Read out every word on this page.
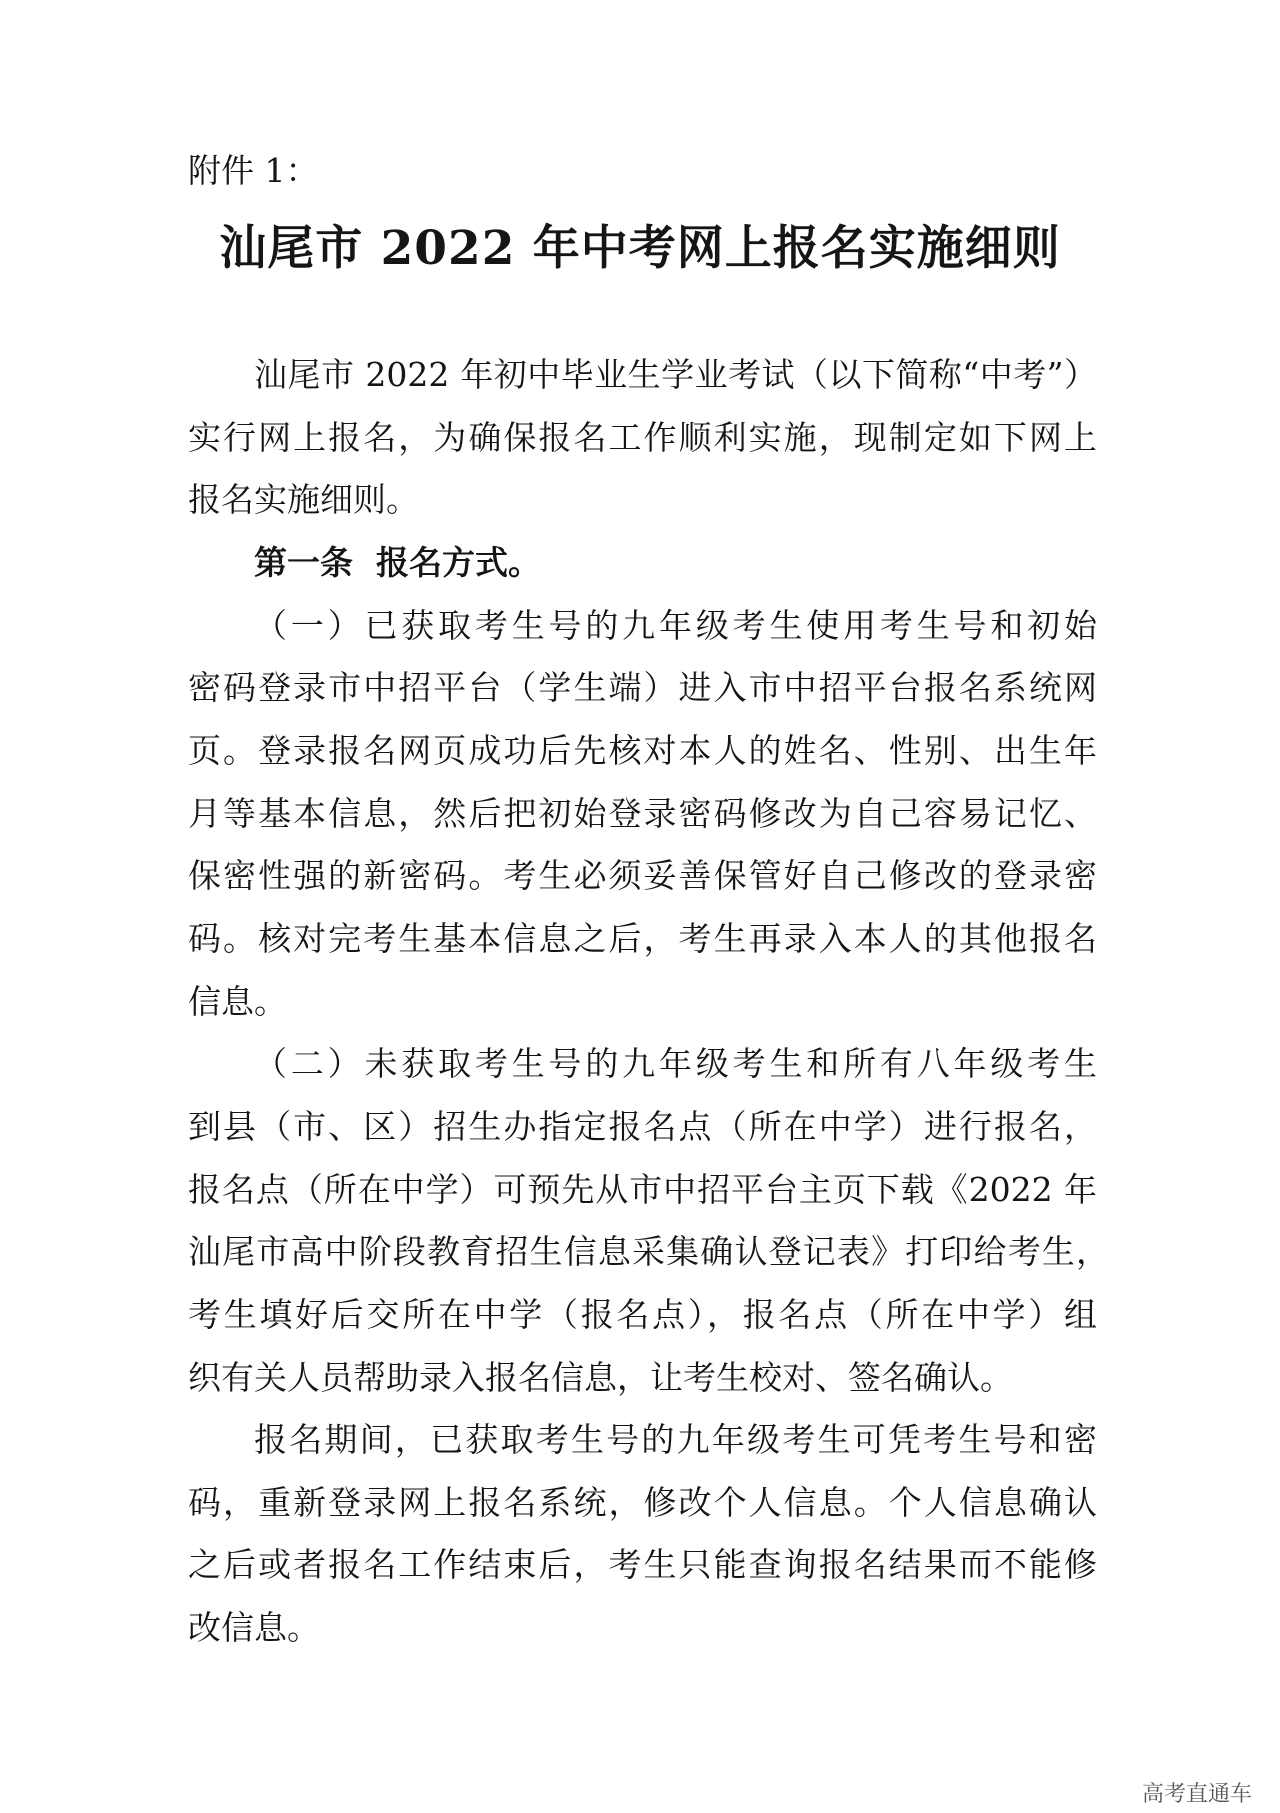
附件 1：
汕尾市 2022 年中考网上报名实施细则
汕尾市 2022 年初中毕业生学业考试（以下简称“中考”）
实行网上报名，为确保报名工作顺利实施，现制定如下网上
报名实施细则。
第一条  报名方式。
（一）已获取考生号的九年级考生使用考生号和初始
密码登录市中招平台（学生端）进入市中招平台报名系统网
页。登录报名网页成功后先核对本人的姓名、性别、出生年
月等基本信息，然后把初始登录密码修改为自己容易记忆、
保密性强的新密码。考生必须妥善保管好自己修改的登录密
码。核对完考生基本信息之后，考生再录入本人的其他报名
信息。
（二）未获取考生号的九年级考生和所有八年级考生
到县（市、区）招生办指定报名点（所在中学）进行报名，
报名点（所在中学）可预先从市中招平台主页下载《2022 年
汕尾市高中阶段教育招生信息采集确认登记表》打印给考生，
考生填好后交所在中学（报名点），报名点（所在中学）组
织有关人员帮助录入报名信息，让考生校对、签名确认。
报名期间，已获取考生号的九年级考生可凭考生号和密
码，重新登录网上报名系统，修改个人信息。个人信息确认
之后或者报名工作结束后，考生只能查询报名结果而不能修
改信息。
高考直通车
